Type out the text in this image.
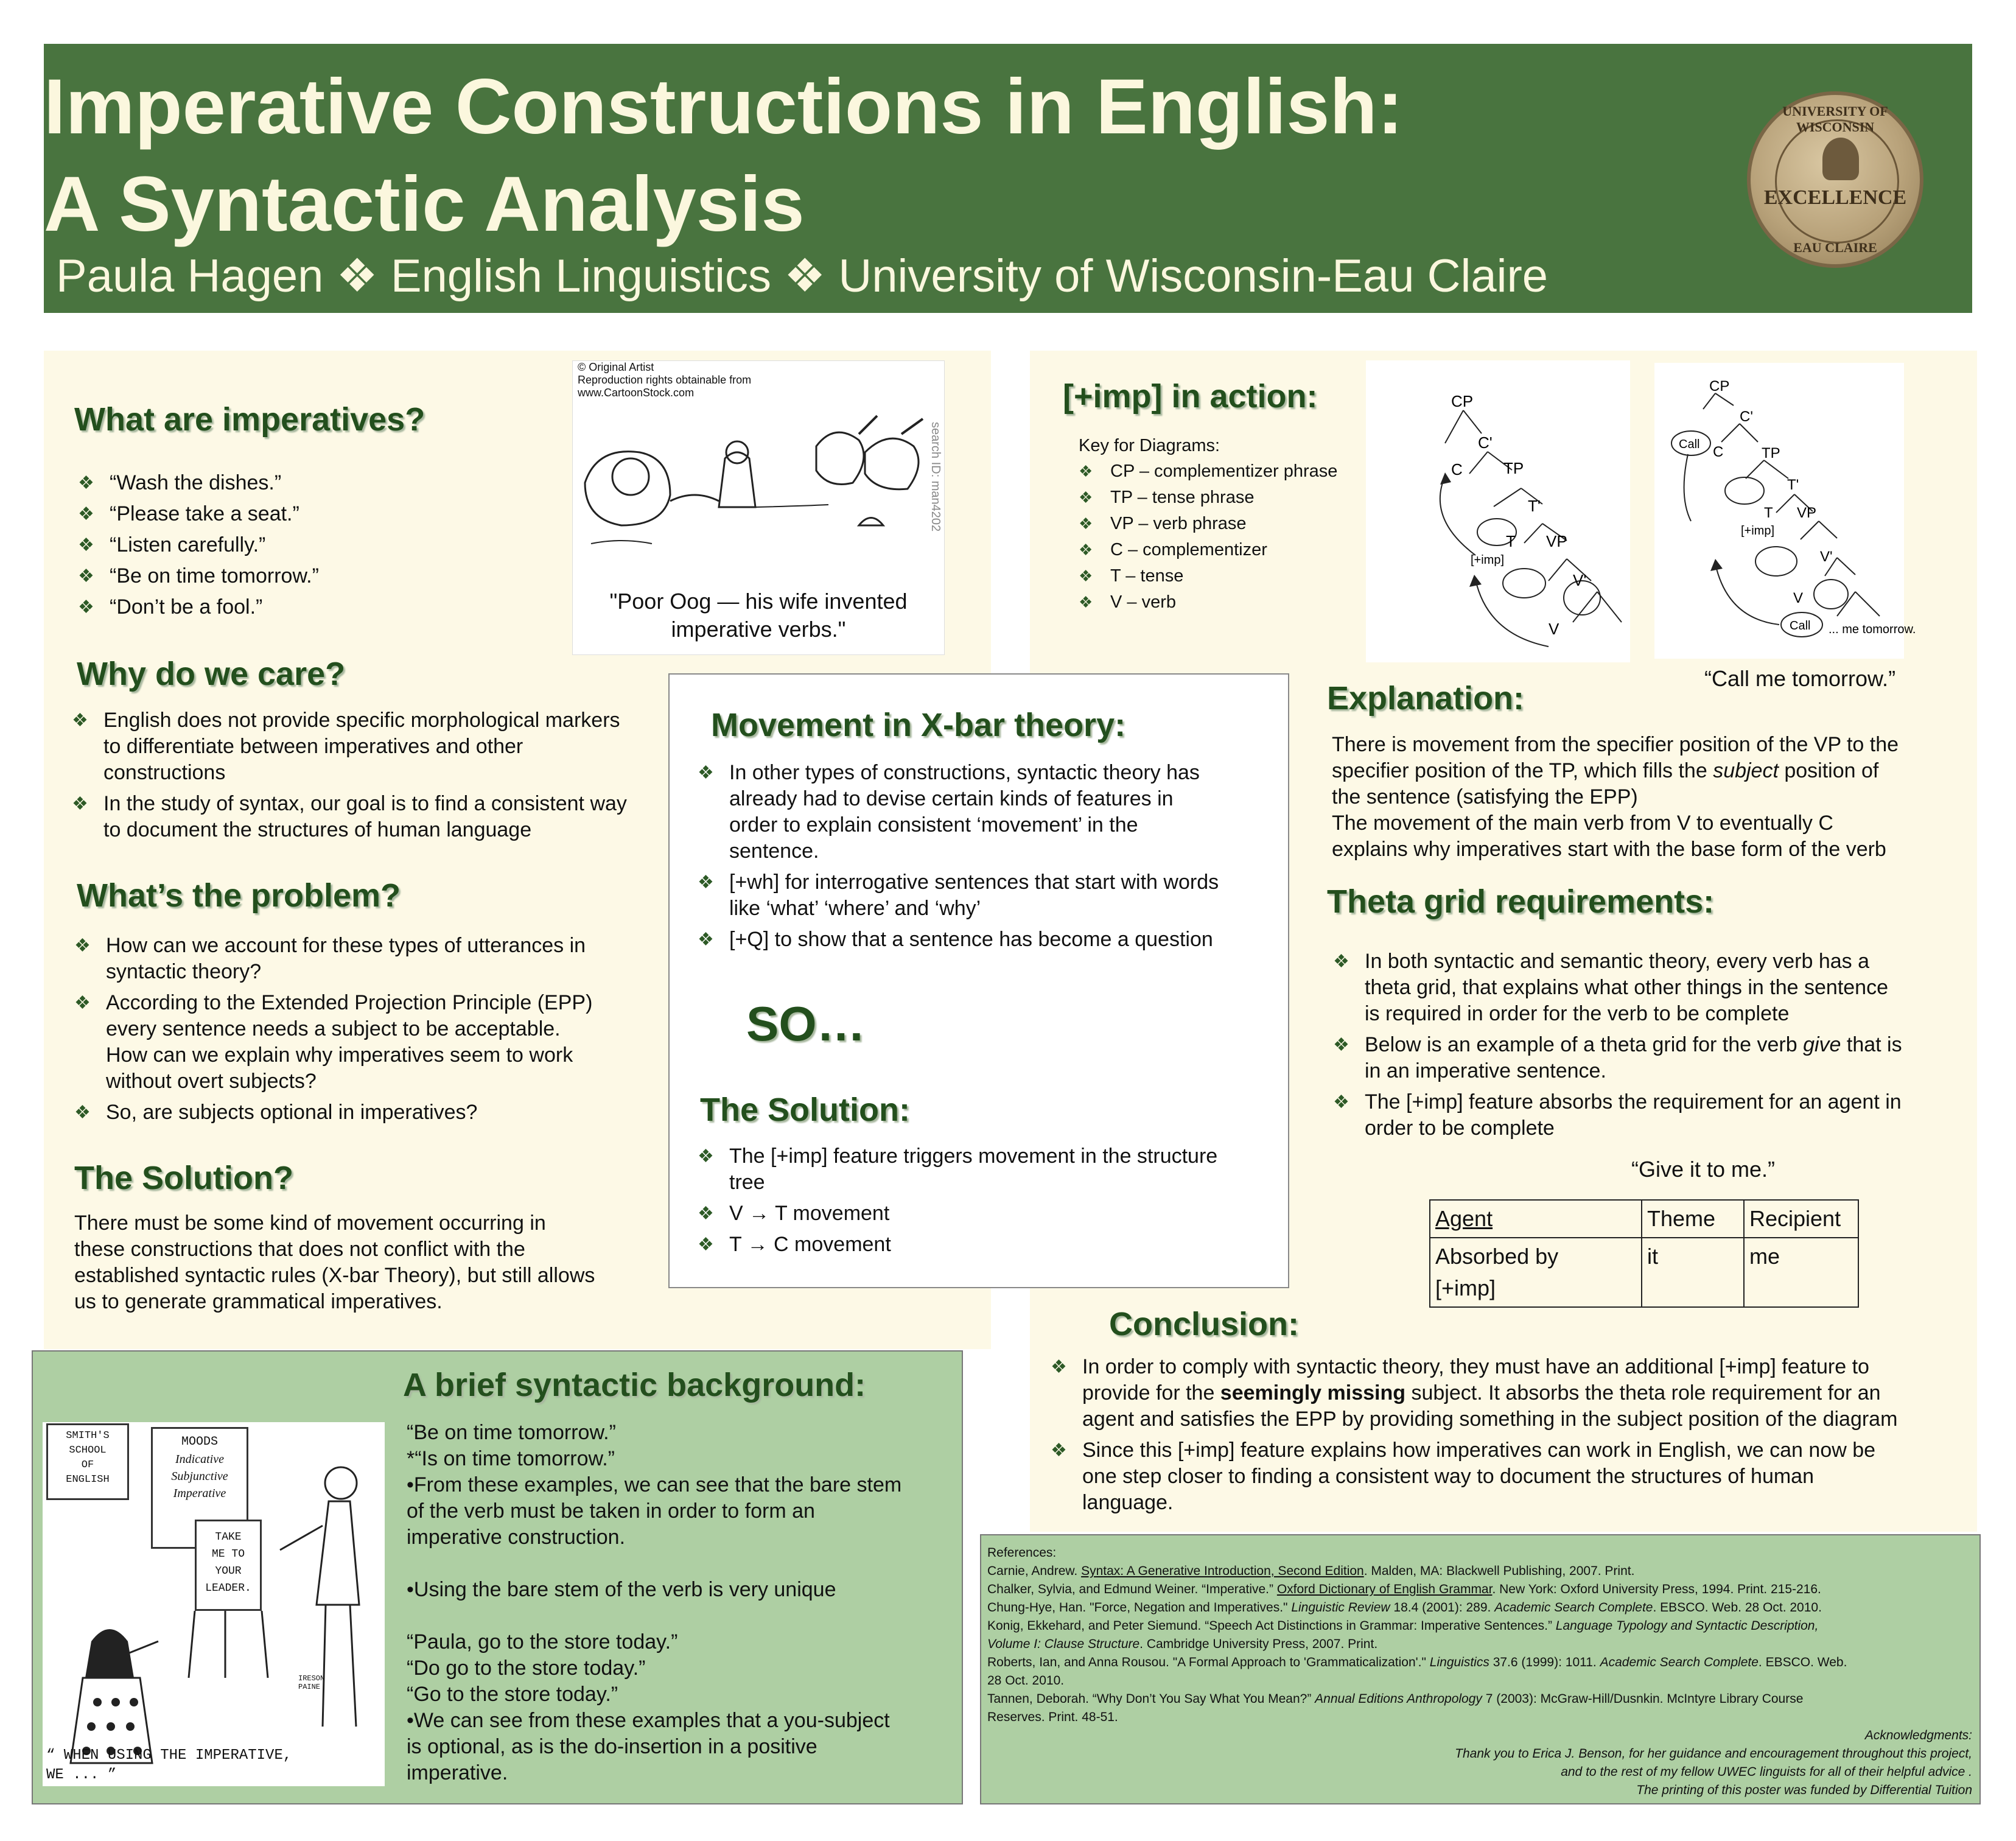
Imperative Constructions in English:
A Syntactic Analysis
Paula Hagen ❖ English Linguistics ❖ University of Wisconsin-Eau Claire
UNIVERSITY OF WISCONSIN
EXCELLENCE
EAU CLAIRE
What are imperatives?
❖ “Wash the dishes.”
❖ “Please take a seat.”
❖ “Listen carefully.”
❖ “Be on time tomorrow.”
❖ “Don’t be a fool.”
© Original Artist
Reproduction rights obtainable from
www.CartoonStock.com
search ID: man4202
"Poor Oog — his wife invented
imperative verbs."
Why do we care?
❖ English does not provide specific morphological markers
to differentiate between imperatives and other
constructions
❖ In the study of syntax, our goal is to find a consistent way
to document the structures of human language
What’s the problem?
❖ How can we account for these types of utterances in
syntactic theory?
❖ According to the Extended Projection Principle (EPP)
every sentence needs a subject to be acceptable.
How can we explain why imperatives seem to work
without overt subjects?
❖ So, are subjects optional in imperatives?
The Solution?
There must be some kind of movement occurring in
these constructions that does not conflict with the
established syntactic rules (X-bar Theory), but still allows
us to generate grammatical imperatives.
Movement in X-bar theory:
❖ In other types of constructions, syntactic theory has
already had to devise certain kinds of features in
order to explain consistent ‘movement’ in the
sentence.
❖ [+wh] for interrogative sentences that start with words
like ‘what’ ‘where’ and ‘why’
❖ [+Q] to show that a sentence has become a question
SO…
The Solution:
❖ The [+imp] feature triggers movement in the structure
tree
❖ V → T movement
❖ T → C movement
A brief syntactic background:
SMITH'S
SCHOOL
OF
ENGLISH
MOODS
Indicative
Subjunctive
Imperative
TAKE
ME TO
YOUR
LEADER.
IRESON
PAINE
“ WHEN USING THE IMPERATIVE,
WE ... ”
“Be on time tomorrow.”
*“Is on time tomorrow.”
•From these examples, we can see that the bare stem
of the verb must be taken in order to form an
imperative construction.
•Using the bare stem of the verb is very unique
“Paula, go to the store today.”
“Do go to the store today.”
“Go to the store today.”
•We can see from these examples that a you-subject
is optional, as is the do-insertion in a positive
imperative.
[+imp] in action:
Key for Diagrams:
❖ CP – complementizer phrase
❖ TP – tense phrase
❖ VP – verb phrase
❖ C – complementizer
❖ T – tense
❖ V – verb
CP
C'
C	TP
T'
T VP
[+imp]
V'
V
CP
C'
Call C	TP
T'
T VP
[+imp]
V'
V
Call ... me tomorrow.
“Call me tomorrow.”
Explanation:
There is movement from the specifier position of the VP to the
specifier position of the TP, which fills the subject position of
the sentence (satisfying the EPP)
The movement of the main verb from V to eventually C
explains why imperatives start with the base form of the verb
Theta grid requirements:
❖ In both syntactic and semantic theory, every verb has a
theta grid, that explains what other things in the sentence
is required in order for the verb to be complete
❖ Below is an example of a theta grid for the verb give that is
in an imperative sentence.
❖ The [+imp] feature absorbs the requirement for an agent in
order to be complete
“Give it to me.”
Agent	Theme	Recipient

Absorbed by
[+imp]	it	me
Conclusion:
❖ In order to comply with syntactic theory, they must have an additional [+imp] feature to
provide for the seemingly missing subject. It absorbs the theta role requirement for an
agent and satisfies the EPP by providing something in the subject position of the diagram
❖ Since this [+imp] feature explains how imperatives can work in English, we can now be
one step closer to finding a consistent way to document the structures of human
language.
References:
Carnie, Andrew. Syntax: A Generative Introduction, Second Edition. Malden, MA: Blackwell Publishing, 2007. Print.
Chalker, Sylvia, and Edmund Weiner. “Imperative.” Oxford Dictionary of English Grammar. New York: Oxford University Press, 1994. Print. 215-216.
Chung-Hye, Han. "Force, Negation and Imperatives." Linguistic Review 18.4 (2001): 289. Academic Search Complete. EBSCO. Web. 28 Oct. 2010.
Konig, Ekkehard, and Peter Siemund. “Speech Act Distinctions in Grammar: Imperative Sentences.” Language Typology and Syntactic Description,
Volume I: Clause Structure. Cambridge University Press, 2007. Print.
Roberts, Ian, and Anna Rousou. "A Formal Approach to 'Grammaticalization'." Linguistics 37.6 (1999): 1011. Academic Search Complete. EBSCO. Web.
28 Oct. 2010.
Tannen, Deborah. “Why Don’t You Say What You Mean?” Annual Editions Anthropology 7 (2003): McGraw-Hill/Dusnkin. McIntyre Library Course
Reserves. Print. 48-51.
Acknowledgments:
Thank you to Erica J. Benson, for her guidance and encouragement throughout this project,
and to the rest of my fellow UWEC linguists for all of their helpful advice .
The printing of this poster was funded by Differential Tuition
